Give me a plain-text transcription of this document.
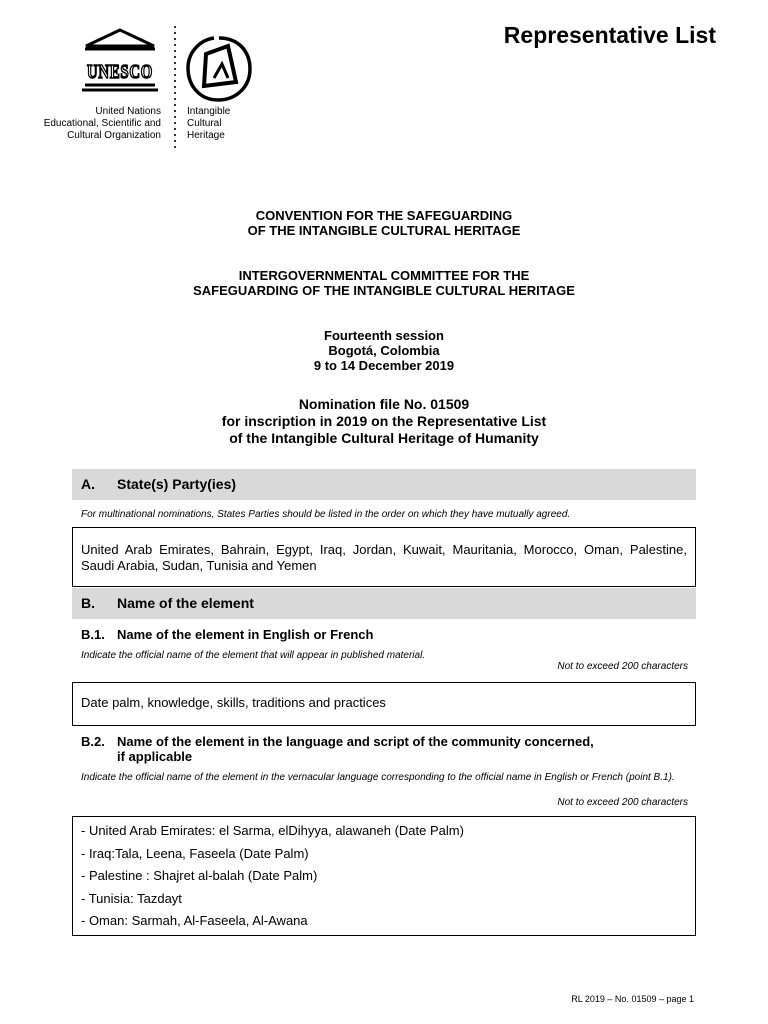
Representative List
UNESCO
United Nations
Educational, Scientific and
Cultural Organization
Intangible
Cultural
Heritage
CONVENTION FOR THE SAFEGUARDING
OF THE INTANGIBLE CULTURAL HERITAGE
INTERGOVERNMENTAL COMMITTEE FOR THE
SAFEGUARDING OF THE INTANGIBLE CULTURAL HERITAGE
Fourteenth session
Bogotá, Colombia
9 to 14 December 2019
Nomination file No. 01509
for inscription in 2019 on the Representative List
of the Intangible Cultural Heritage of Humanity
A. State(s) Party(ies)
For multinational nominations, States Parties should be listed in the order on which they have mutually agreed.
United Arab Emirates, Bahrain, Egypt, Iraq, Jordan, Kuwait, Mauritania, Morocco, Oman, Palestine, Saudi Arabia, Sudan, Tunisia and Yemen
B. Name of the element
B.1. Name of the element in English or French
Indicate the official name of the element that will appear in published material.
Not to exceed 200 characters
Date palm, knowledge, skills, traditions and practices
B.2. Name of the element in the language and script of the community concerned,
if applicable
Indicate the official name of the element in the vernacular language corresponding to the official name in English or French (point B.1).
Not to exceed 200 characters
- United Arab Emirates: el Sarma, elDihyya, alawaneh (Date Palm)
- Iraq:Tala, Leena, Faseela (Date Palm)
- Palestine : Shajret al-balah (Date Palm)
- Tunisia: Tazdayt
- Oman: Sarmah, Al-Faseela, Al-Awana
RL 2019 – No. 01509 – page 1
